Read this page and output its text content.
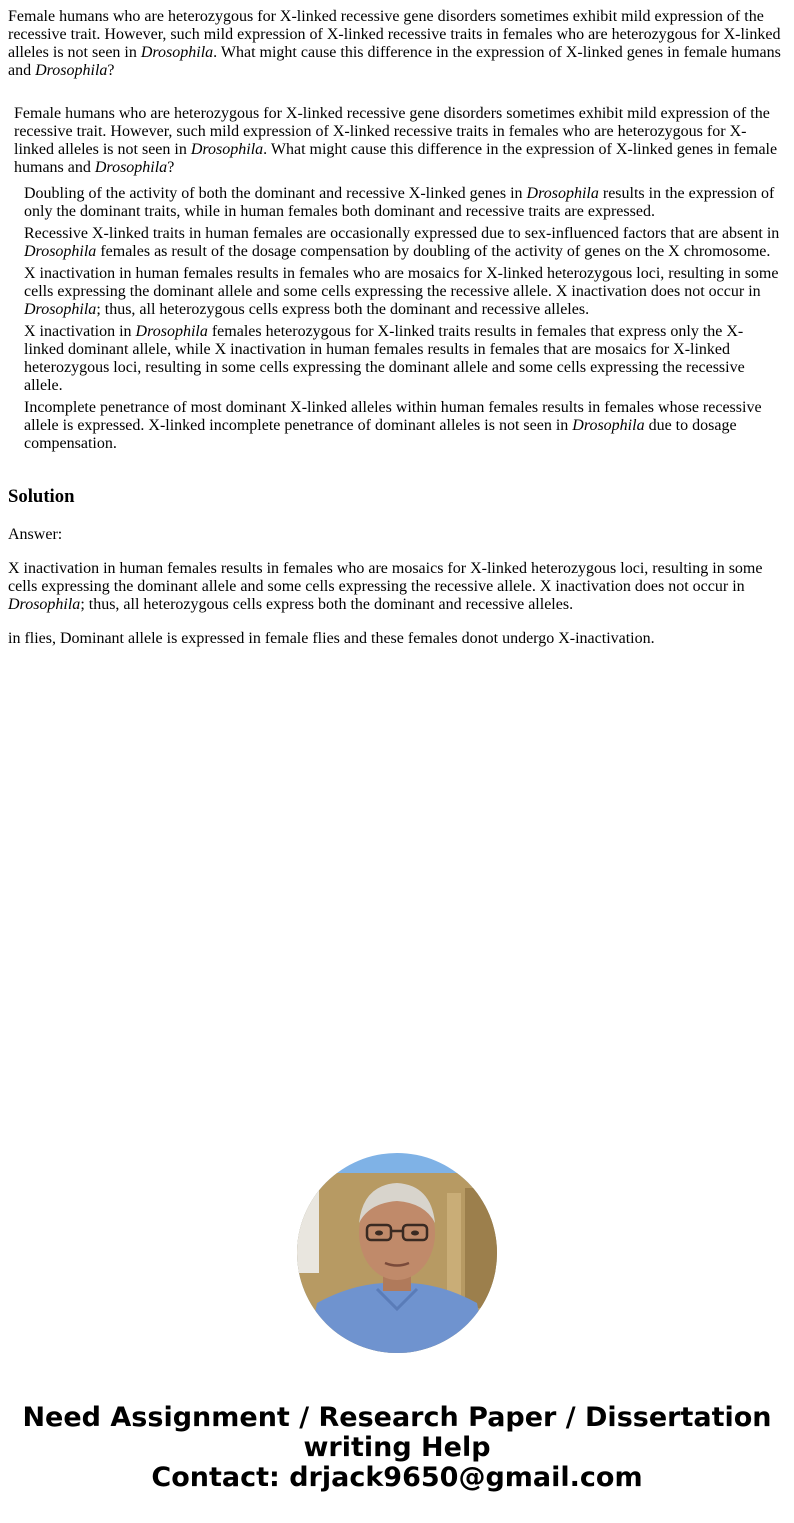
Female humans who are heterozygous for X-linked recessive gene disorders sometimes exhibit mild expression of the recessive trait. However, such mild expression of X-linked recessive traits in females who are heterozygous for X-linked alleles is not seen in Drosophila. What might cause this difference in the expression of X-linked genes in female humans and Drosophila?

Female humans who are heterozygous for X-linked recessive gene disorders sometimes exhibit mild expression of the recessive trait. However, such mild expression of X-linked recessive traits in females who are heterozygous for X-linked alleles is not seen in Drosophila. What might cause this difference in the expression of X-linked genes in female humans and Drosophila?

Doubling of the activity of both the dominant and recessive X-linked genes in Drosophila results in the expression of only the dominant traits, while in human females both dominant and recessive traits are expressed.
Recessive X-linked traits in human females are occasionally expressed due to sex-influenced factors that are absent in Drosophila females as result of the dosage compensation by doubling of the activity of genes on the X chromosome.
X inactivation in human females results in females who are mosaics for X-linked heterozygous loci, resulting in some cells expressing the dominant allele and some cells expressing the recessive allele. X inactivation does not occur in Drosophila; thus, all heterozygous cells express both the dominant and recessive alleles.
X inactivation in Drosophila females heterozygous for X-linked traits results in females that express only the X-linked dominant allele, while X inactivation in human females results in females that are mosaics for X-linked heterozygous loci, resulting in some cells expressing the dominant allele and some cells expressing the recessive allele.
Incomplete penetrance of most dominant X-linked alleles within human females results in females whose recessive allele is expressed. X-linked incomplete penetrance of dominant alleles is not seen in Drosophila due to dosage compensation.
Solution

Answer:

X inactivation in human females results in females who are mosaics for X-linked heterozygous loci, resulting in some cells expressing the dominant allele and some cells expressing the recessive allele. X inactivation does not occur in Drosophila; thus, all heterozygous cells express both the dominant and recessive alleles.

in flies, Dominant allele is expressed in female flies and these females donot undergo X-inactivation.

Need Assignment / Research Paper / Dissertation
writing Help
Contact: drjack9650@gmail.com
